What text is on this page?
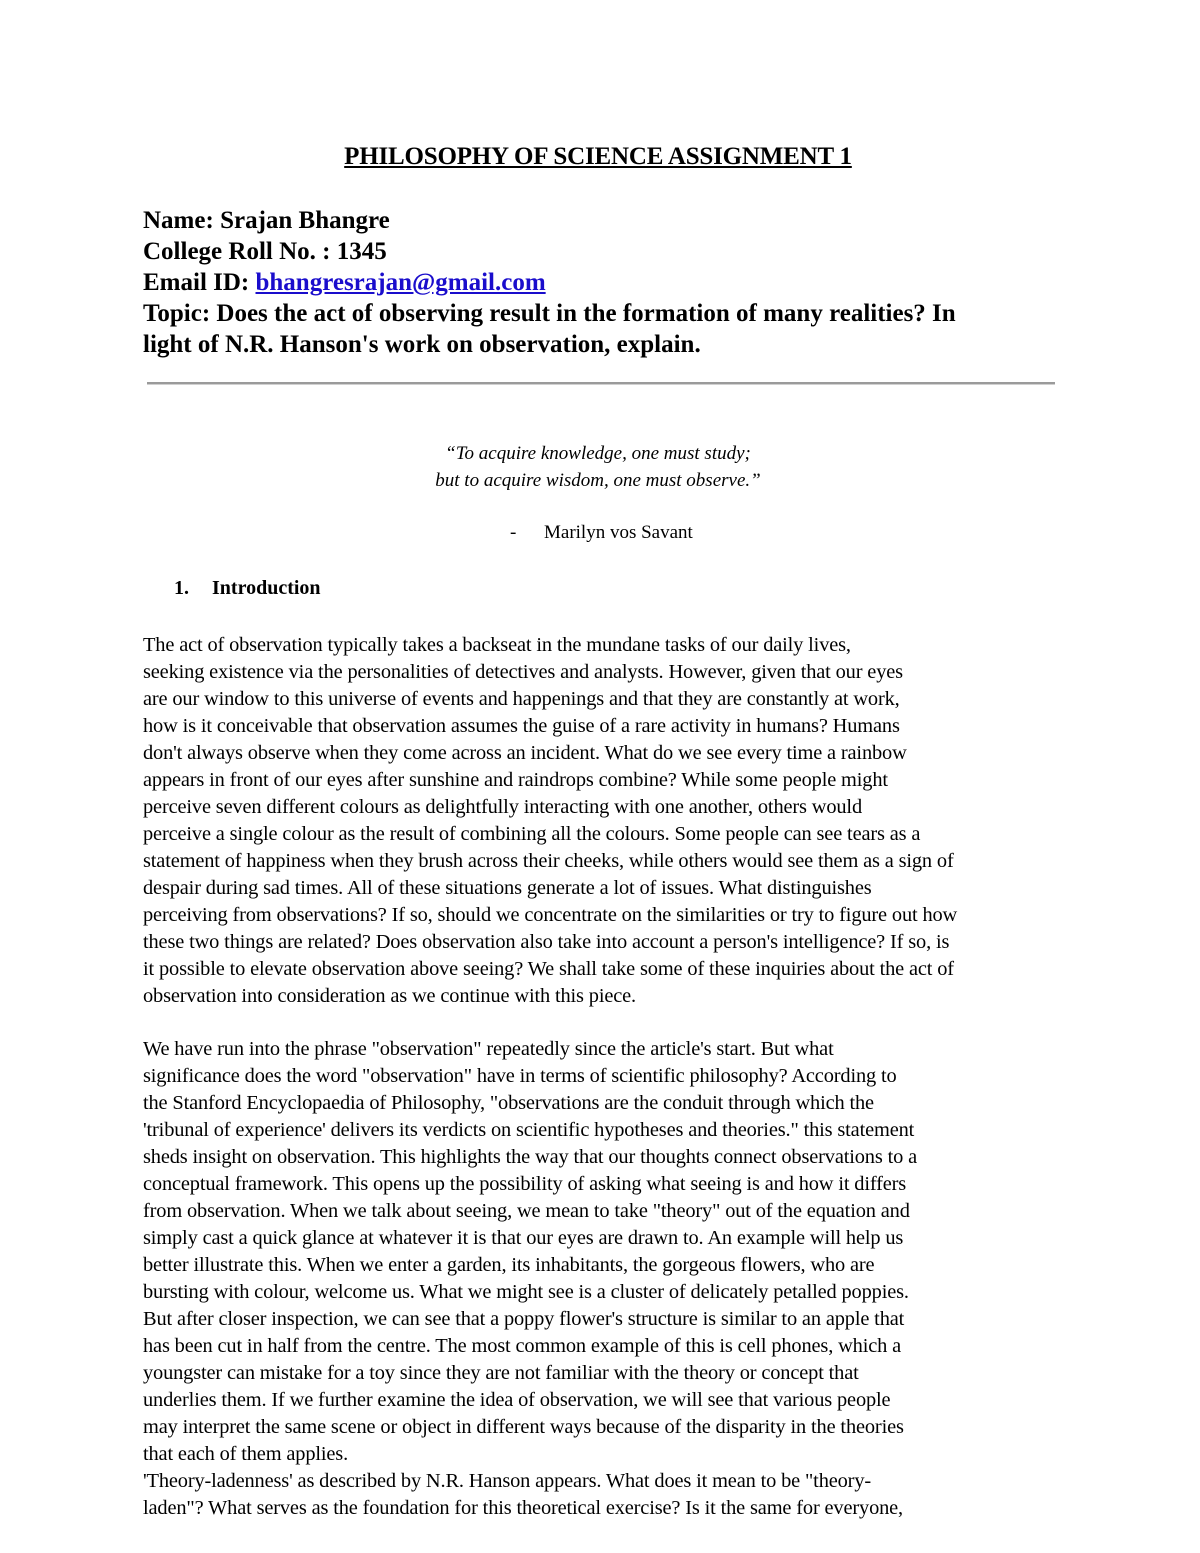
PHILOSOPHY OF SCIENCE ASSIGNMENT 1
Name: Srajan Bhangre
College Roll No. : 1345
Email ID: bhangresrajan@gmail.com
Topic: Does the act of observing result in the formation of many realities? In
light of N.R. Hanson's work on observation, explain.
“To acquire knowledge, one must study;
but to acquire wisdom, one must observe.”
- Marilyn vos Savant
1. Introduction
The act of observation typically takes a backseat in the mundane tasks of our daily lives,
seeking existence via the personalities of detectives and analysts. However, given that our eyes
are our window to this universe of events and happenings and that they are constantly at work,
how is it conceivable that observation assumes the guise of a rare activity in humans? Humans
don't always observe when they come across an incident. What do we see every time a rainbow
appears in front of our eyes after sunshine and raindrops combine? While some people might
perceive seven different colours as delightfully interacting with one another, others would
perceive a single colour as the result of combining all the colours. Some people can see tears as a
statement of happiness when they brush across their cheeks, while others would see them as a sign of
despair during sad times. All of these situations generate a lot of issues. What distinguishes
perceiving from observations? If so, should we concentrate on the similarities or try to figure out how
these two things are related? Does observation also take into account a person's intelligence? If so, is
it possible to elevate observation above seeing? We shall take some of these inquiries about the act of
observation into consideration as we continue with this piece.
We have run into the phrase "observation" repeatedly since the article's start. But what
significance does the word "observation" have in terms of scientific philosophy? According to
the Stanford Encyclopaedia of Philosophy, "observations are the conduit through which the
'tribunal of experience' delivers its verdicts on scientific hypotheses and theories." this statement
sheds insight on observation. This highlights the way that our thoughts connect observations to a
conceptual framework. This opens up the possibility of asking what seeing is and how it differs
from observation. When we talk about seeing, we mean to take "theory" out of the equation and
simply cast a quick glance at whatever it is that our eyes are drawn to. An example will help us
better illustrate this. When we enter a garden, its inhabitants, the gorgeous flowers, who are
bursting with colour, welcome us. What we might see is a cluster of delicately petalled poppies.
But after closer inspection, we can see that a poppy flower's structure is similar to an apple that
has been cut in half from the centre. The most common example of this is cell phones, which a
youngster can mistake for a toy since they are not familiar with the theory or concept that
underlies them. If we further examine the idea of observation, we will see that various people
may interpret the same scene or object in different ways because of the disparity in the theories
that each of them applies.
'Theory-ladenness' as described by N.R. Hanson appears. What does it mean to be "theory-
laden"? What serves as the foundation for this theoretical exercise? Is it the same for everyone,
